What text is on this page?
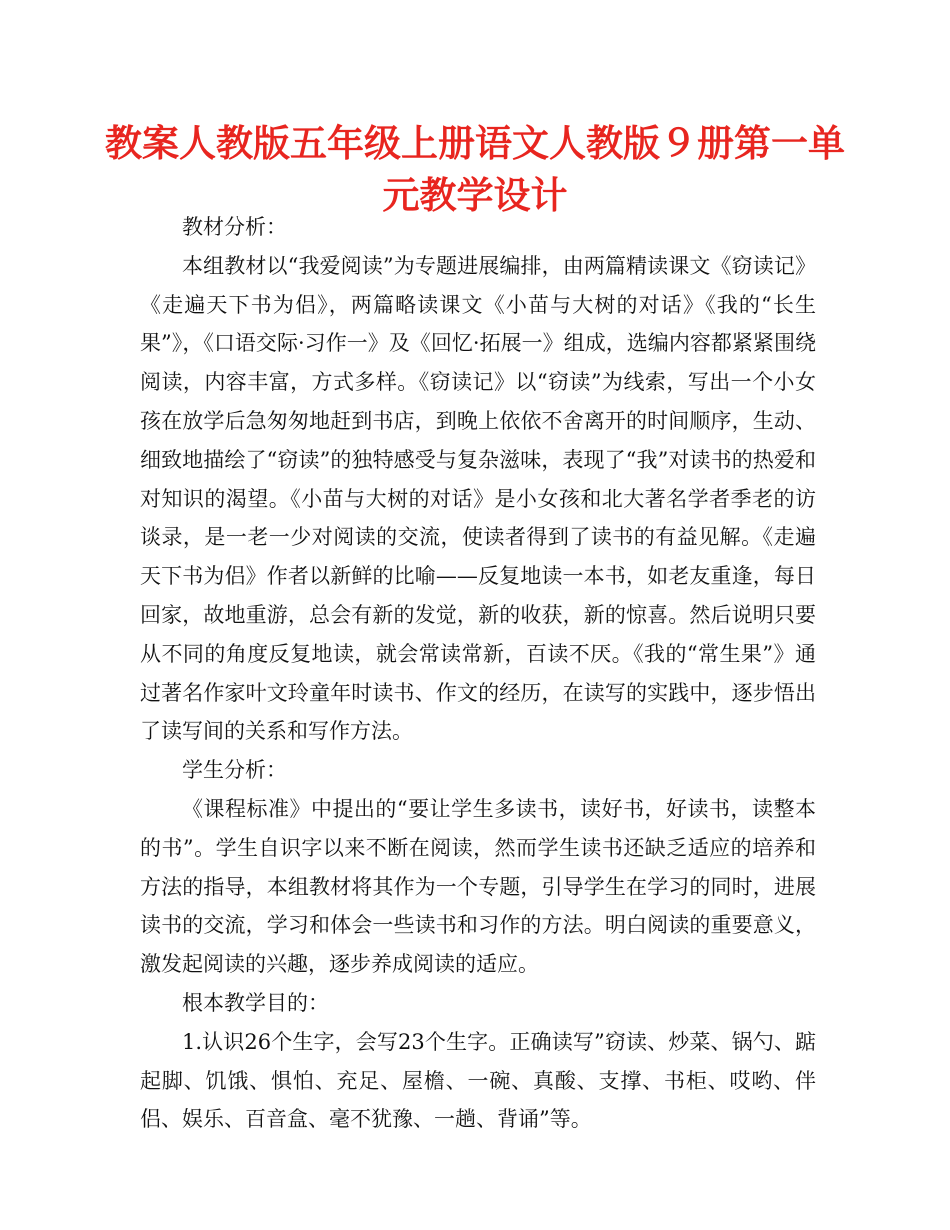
教案人教版五年级上册语文人教版９册第一单元教学设计

教材分析：

本组教材以“我爱阅读”为专题进展编排，由两篇精读课文《窃读记》《走遍天下书为侣》，两篇略读课文《小苗与大树的对话》《我的“长生果”》，《口语交际·习作一》及《回忆·拓展一》组成，选编内容都紧紧围绕阅读，内容丰富，方式多样。《窃读记》以“窃读”为线索，写出一个小女孩在放学后急匆匆地赶到书店，到晚上依依不舍离开的时间顺序，生动、细致地描绘了“窃读”的独特感受与复杂滋味，表现了“我”对读书的热爱和对知识的渴望。《小苗与大树的对话》是小女孩和北大著名学者季老的访谈录，是一老一少对阅读的交流，使读者得到了读书的有益见解。《走遍天下书为侣》作者以新鲜的比喻——反复地读一本书，如老友重逢，每日回家，故地重游，总会有新的发觉，新的收获，新的惊喜。然后说明只要从不同的角度反复地读，就会常读常新，百读不厌。《我的“常生果”》通过著名作家叶文玲童年时读书、作文的经历，在读写的实践中，逐步悟出了读写间的关系和写作方法。

学生分析：

《课程标准》中提出的“要让学生多读书，读好书，好读书，读整本的书”。学生自识字以来不断在阅读，然而学生读书还缺乏适应的培养和方法的指导，本组教材将其作为一个专题，引导学生在学习的同时，进展读书的交流，学习和体会一些读书和习作的方法。明白阅读的重要意义，激发起阅读的兴趣，逐步养成阅读的适应。

根本教学目的：

1.认识26个生字，会写23个生字。正确读写”窃读、炒菜、锅勺、踮起脚、饥饿、惧怕、充足、屋檐、一碗、真酸、支撑、书柜、哎哟、伴侣、娱乐、百音盒、毫不犹豫、一趟、背诵”等。
